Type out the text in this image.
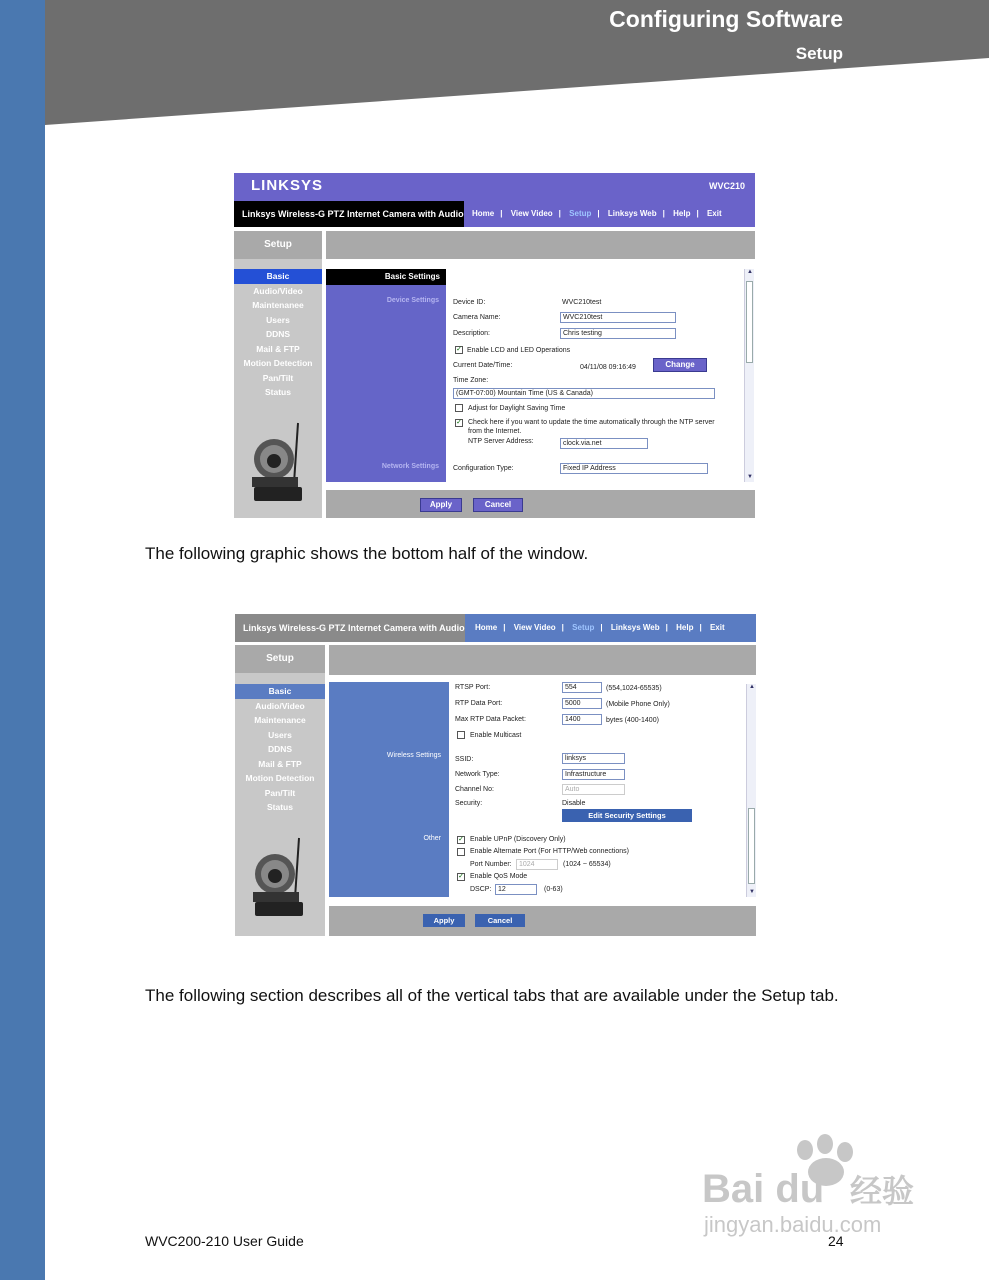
Configuring Software
Setup
LINKSYS	WVC210
Linksys Wireless-G PTZ Internet Camera with Audio	Home | View Video | Setup | Linksys Web | Help | Exit
Setup
Basic
Audio/Video
Maintenanee
Users
DDNS
Mail & FTP
Motion Detection
Pan/Tilt
Status
Basic Settings
Device Settings
Network Settings
Device ID:	WVC210test
Camera Name:	WVC210test
Description:	Chris testing
✓ Enable LCD and LED Operations
Current Date/Time:	04/11/08 09:16:49	Change
Time Zone:
(GMT-07:00) Mountain Time (US & Canada)
Adjust for Daylight Saving Time
✓ Check here if you want to update the time automatically through the NTP server
from the Internet.
NTP Server Address:	clock.via.net
Configuration Type:	Fixed IP Address
▲
▼
Apply	Cancel
The following graphic shows the bottom half of the window.
Linksys Wireless-G PTZ Internet Camera with Audio	Home | View Video | Setup | Linksys Web | Help | Exit
Setup
Basic
Audio/Video
Maintenance
Users
DDNS
Mail & FTP
Motion Detection
Pan/Tilt
Status
Wireless Settings
Other
RTSP Port:	554	(554,1024-65535)
RTP Data Port:	5000	(Mobile Phone Only)
Max RTP Data Packet:	1400	bytes (400-1400)
Enable Multicast
SSID:	linksys
Network Type:	Infrastructure
Channel No:	Auto
Security:	Disable
Edit Security Settings
✓ Enable UPnP (Discovery Only)
Enable Alternate Port (For HTTP/Web connections)
Port Number:	1024	(1024 ~ 65534)
✓ Enable QoS Mode
DSCP: 12	(0-63)
▲
▼
Apply	Cancel
The following section describes all of the vertical tabs that are available under the Setup tab.
WVC200-210 User Guide	24
Bai du 经验
jingyan.baidu.com
